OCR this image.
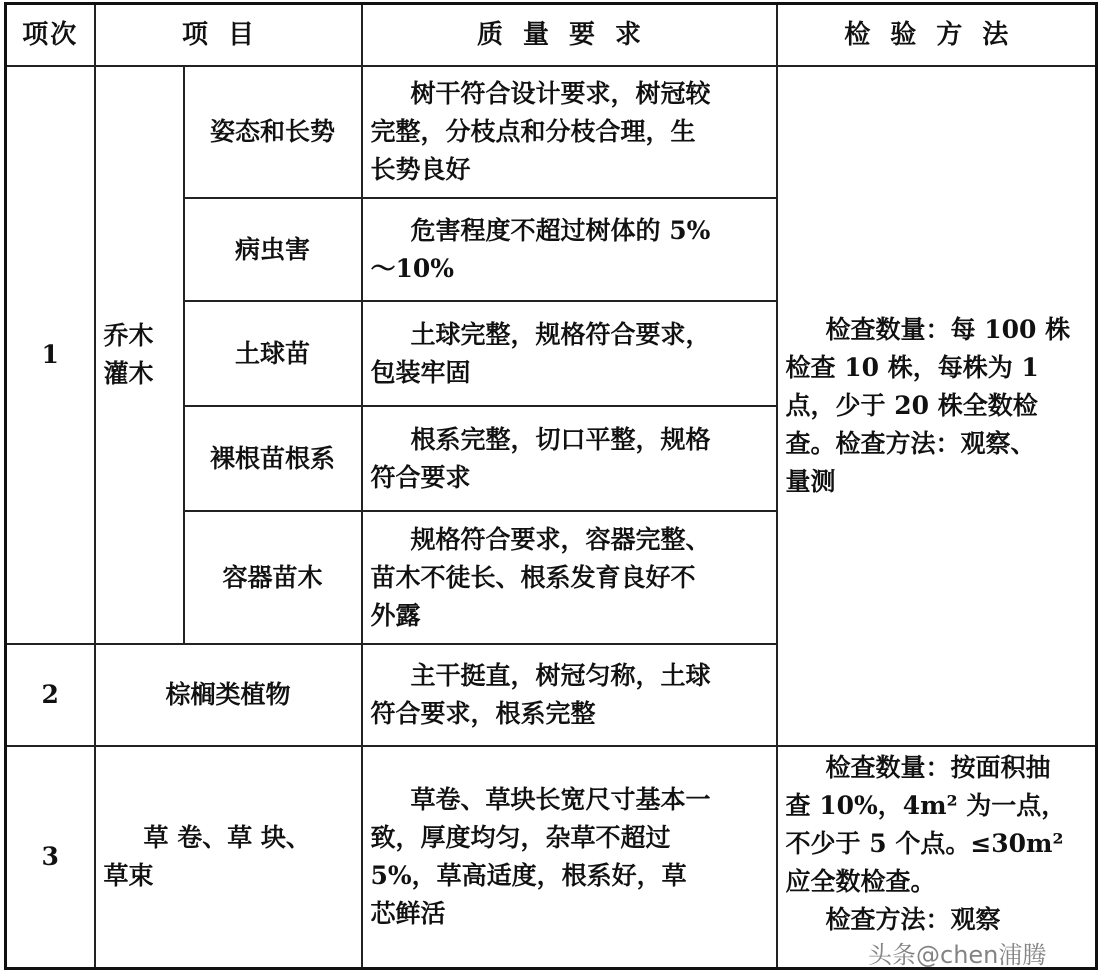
项次	项目		质量要求	检验方法
1	乔木灌木	姿态和长势	树干符合设计要求，树冠较
完整，分枝点和分枝合理，生
长势良好	检查数量：每 100 株
检查 10 株，每株为 1
点，少于 20 株全数检
查。检查方法：观察、
量测

		病虫害	危害程度不超过树体的 5%
～10%	

		土球苗	土球完整，规格符合要求，
包装牢固	

		裸根苗根系	根系完整，切口平整，规格
符合要求	

		容器苗木	规格符合要求，容器完整、
苗木不徒长、根系发育良好不
外露	

2	棕榈类植物		主干挺直，树冠匀称，土球
符合要求，根系完整	

3	草 卷、草 块、
草束		草卷、草块长宽尺寸基本一
致，厚度均匀，杂草不超过
5%，草高适度，根系好，草
芯鲜活	检查数量：按面积抽
查 10%，4m² 为一点，
不少于 5 个点。≤30m²
应全数检查。
检查方法：观察
头条@chen浦腾
